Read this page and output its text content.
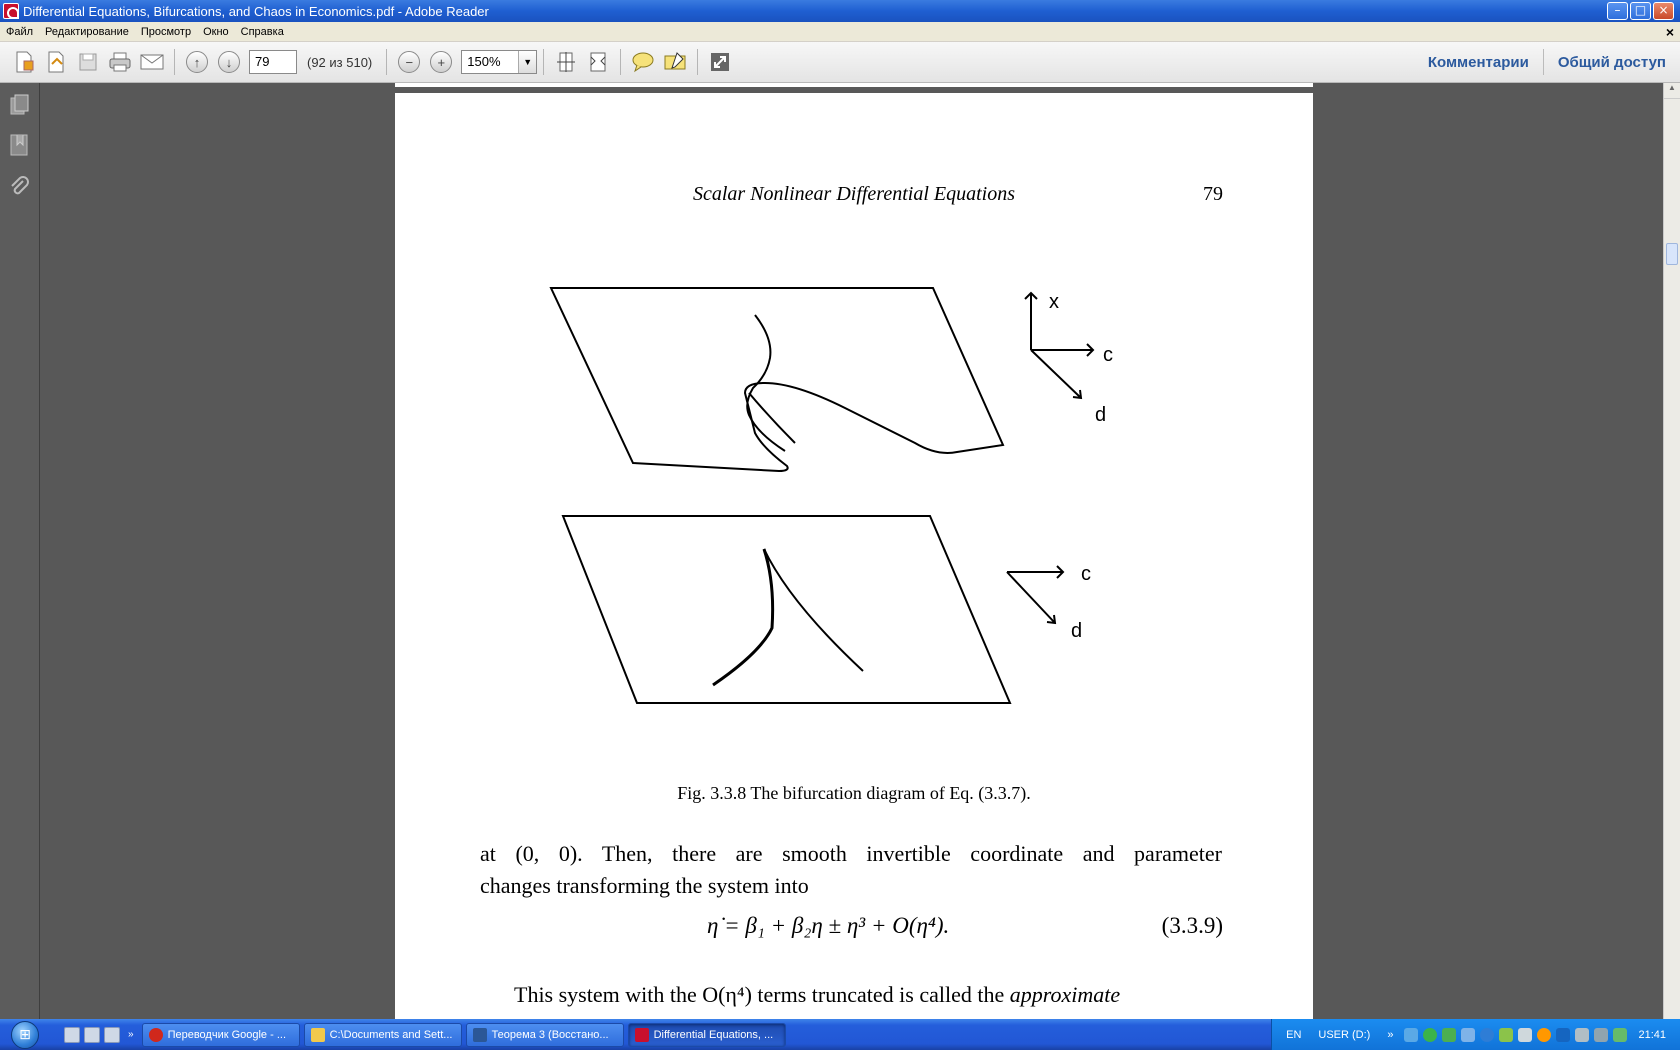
Differential Equations, Bifurcations, and Chaos in Economics.pdf - Adobe Reader	–	□	×
Файл	Редактирование	Просмотр	Окно	Справка	×
↑	↓	79	(92 из 510)	−	+	150%	▼	Комментарии	Общий доступ
Scalar Nonlinear Differential Equations	79
x
c
d
c
d
Fig. 3.3.8 The bifurcation diagram of Eq. (3.3.7).
at (0, 0). Then, there are smooth invertible coordinate and parameter
changes transforming the system into
η̇ = β₁ + β₂η ± η³ + O(η⁴).	(3.3.9)
This system with the O(η⁴) terms truncated is called the approximate
▲
⊞	»	Переводчик Google - ...	C:\Documents and Sett...	Теорема 3 (Восстано...	Differential Equations, ...	EN USER (D:) »	21:41
